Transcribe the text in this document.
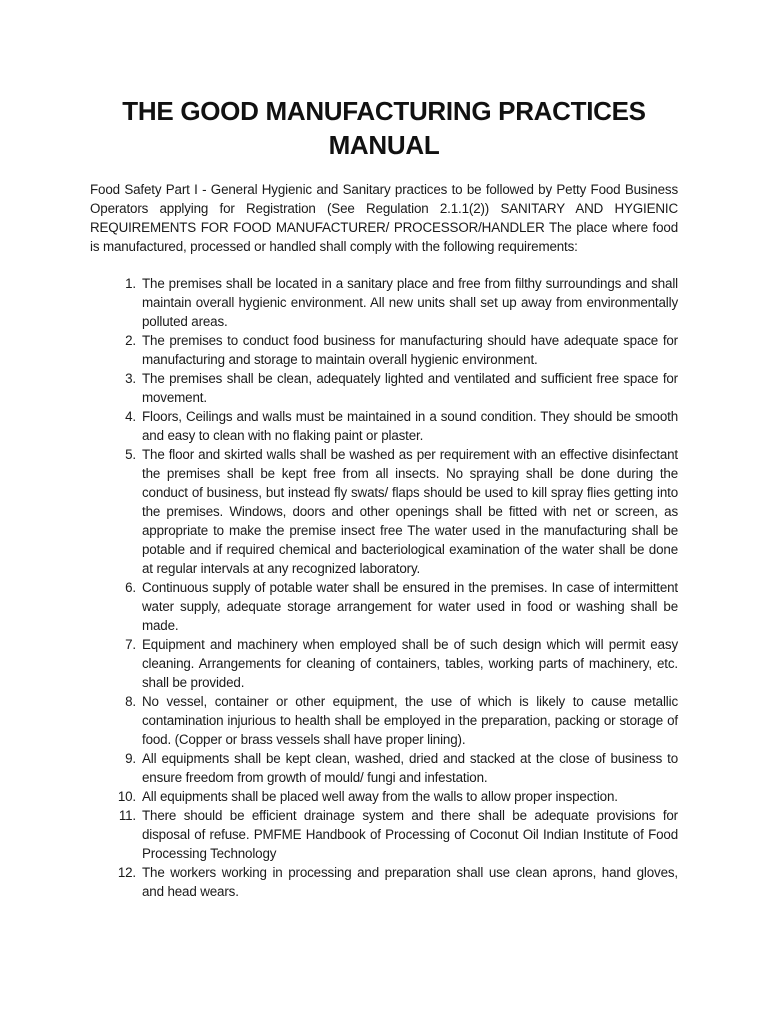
THE GOOD MANUFACTURING PRACTICES MANUAL

Food Safety Part I - General Hygienic and Sanitary practices to be followed by Petty Food Business Operators applying for Registration (See Regulation 2.1.1(2)) SANITARY AND HYGIENIC REQUIREMENTS FOR FOOD MANUFACTURER/ PROCESSOR/HANDLER The place where food is manufactured, processed or handled shall comply with the following requirements:

1. The premises shall be located in a sanitary place and free from filthy surroundings and shall maintain overall hygienic environment. All new units shall set up away from environmentally polluted areas.
2. The premises to conduct food business for manufacturing should have adequate space for manufacturing and storage to maintain overall hygienic environment.
3. The premises shall be clean, adequately lighted and ventilated and sufficient free space for movement.
4. Floors, Ceilings and walls must be maintained in a sound condition. They should be smooth and easy to clean with no flaking paint or plaster.
5. The floor and skirted walls shall be washed as per requirement with an effective disinfectant the premises shall be kept free from all insects. No spraying shall be done during the conduct of business, but instead fly swats/ flaps should be used to kill spray flies getting into the premises. Windows, doors and other openings shall be fitted with net or screen, as appropriate to make the premise insect free The water used in the manufacturing shall be potable and if required chemical and bacteriological examination of the water shall be done at regular intervals at any recognized laboratory.
6. Continuous supply of potable water shall be ensured in the premises. In case of intermittent water supply, adequate storage arrangement for water used in food or washing shall be made.
7. Equipment and machinery when employed shall be of such design which will permit easy cleaning. Arrangements for cleaning of containers, tables, working parts of machinery, etc. shall be provided.
8. No vessel, container or other equipment, the use of which is likely to cause metallic contamination injurious to health shall be employed in the preparation, packing or storage of food. (Copper or brass vessels shall have proper lining).
9. All equipments shall be kept clean, washed, dried and stacked at the close of business to ensure freedom from growth of mould/ fungi and infestation.
10. All equipments shall be placed well away from the walls to allow proper inspection.
11. There should be efficient drainage system and there shall be adequate provisions for disposal of refuse. PMFME Handbook of Processing of Coconut Oil Indian Institute of Food Processing Technology
12. The workers working in processing and preparation shall use clean aprons, hand gloves, and head wears.
